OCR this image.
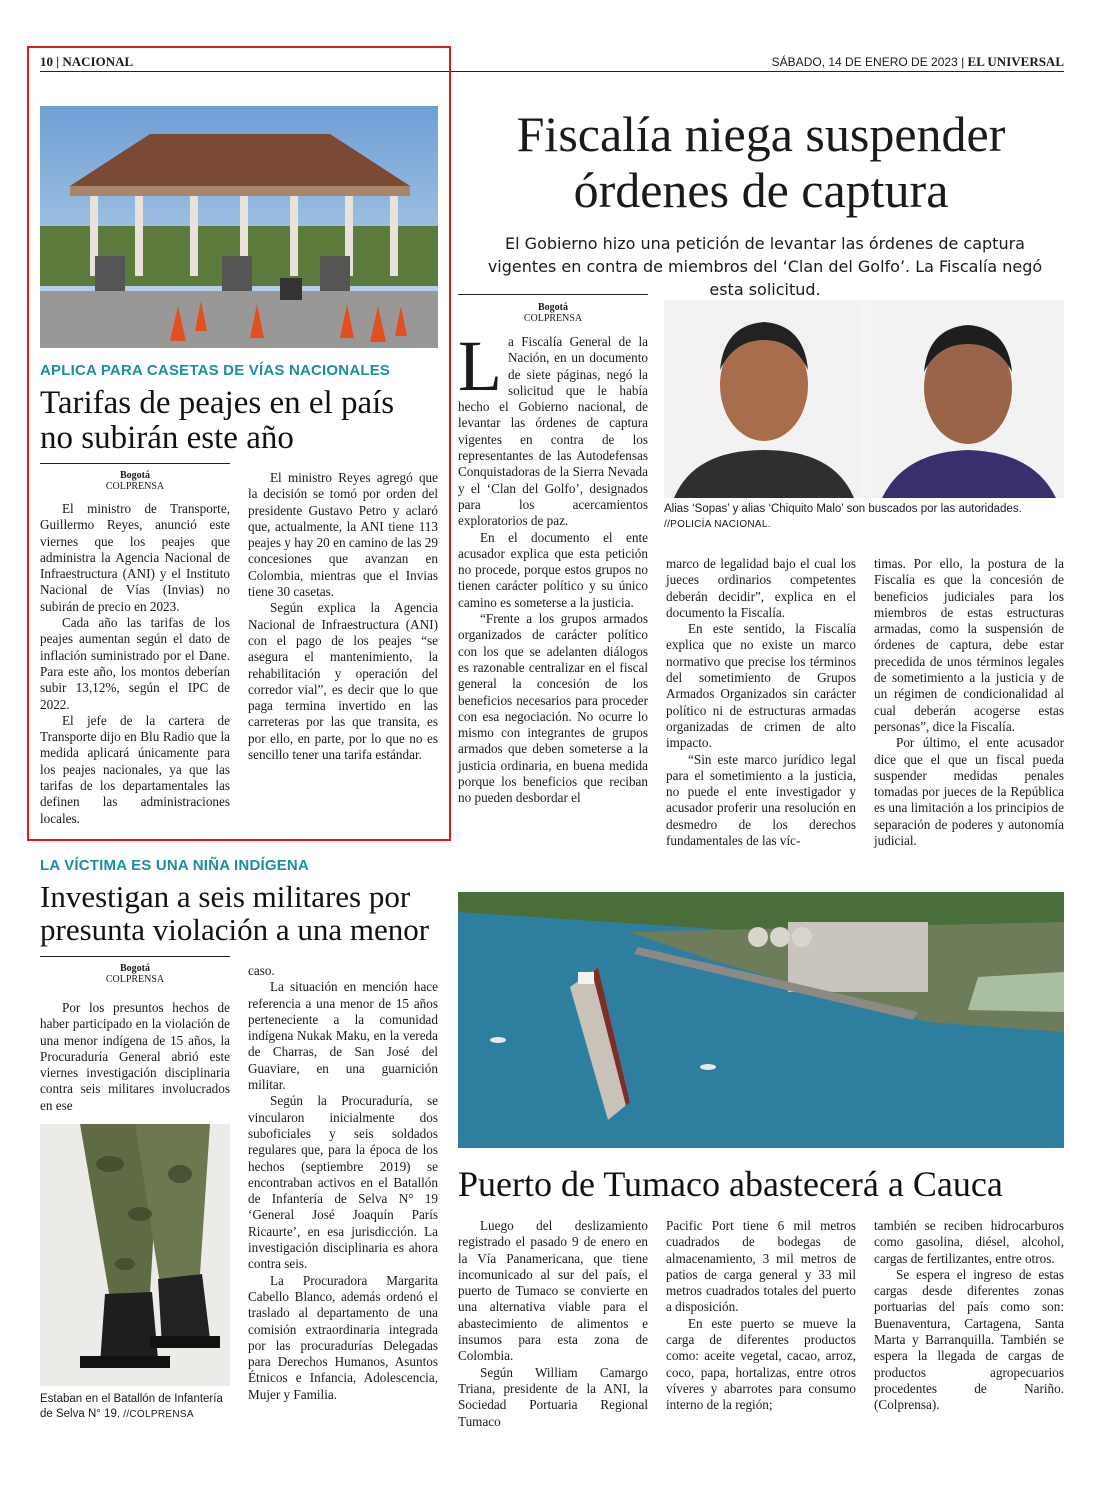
10 | NACIONAL	SÁBADO, 14 DE ENERO DE 2023 | EL UNIVERSAL
APLICA PARA CASETAS DE VÍAS NACIONALES
Tarifas de peajes en el país no subirán este año
Bogotá
COLPRENSA

El ministro de Transporte, Guillermo Reyes, anunció este viernes que los peajes que administra la Agencia Nacional de Infraestructura (ANI) y el Instituto Nacional de Vías (Invias) no subirán de precio en 2023.

Cada año las tarifas de los peajes aumentan según el dato de inflación suministrado por el Dane. Para este año, los montos deberían subir 13,12%, según el IPC de 2022.

El jefe de la cartera de Transporte dijo en Blu Radio que la medida aplicará únicamente para los peajes nacionales, ya que las tarifas de los departamentales las definen las administraciones locales.

El ministro Reyes agregó que la decisión se tomó por orden del presidente Gustavo Petro y aclaró que, actualmente, la ANI tiene 113 peajes y hay 20 en camino de las 29 concesiones que avanzan en Colombia, mientras que el Invias tiene 30 casetas.

Según explica la Agencia Nacional de Infraestructura (ANI) con el pago de los peajes “se asegura el mantenimiento, la rehabilitación y operación del corredor vial”, es decir que lo que paga termina invertido en las carreteras por las que transita, es por ello, en parte, por lo que no es sencillo tener una tarifa estándar.

Fiscalía niega suspender
órdenes de captura
El Gobierno hizo una petición de levantar las órdenes de captura vigentes en contra de miembros del ‘Clan del Golfo’. La Fiscalía negó esta solicitud.
Bogotá
COLPRENSA
Alias ‘Sopas’ y alias ‘Chiquito Malo’ son buscados por las autoridades. //POLICÍA NACIONAL.
L a Fiscalía General de la Nación, en un documento de siete páginas, negó la solicitud que le había hecho el Gobierno nacional, de levantar las órdenes de captura vigentes en contra de los representantes de las Autodefensas Conquistadoras de la Sierra Nevada y el ‘Clan del Golfo’, designados para los acercamientos exploratorios de paz.

En el documento el ente acusador explica que esta petición no procede, porque estos grupos no tienen carácter político y su único camino es someterse a la justicia.

“Frente a los grupos armados organizados de carácter político con los que se adelanten diálogos es razonable centralizar en el fiscal general la concesión de los beneficios necesarios para proceder con esa negociación. No ocurre lo mismo con integrantes de grupos armados que deben someterse a la justicia ordinaria, en buena medida porque los beneficios que reciban no pueden desbordar el

marco de legalidad bajo el cual los jueces ordinarios competentes deberán decidir”, explica en el documento la Fiscalía.

En este sentido, la Fiscalía explica que no existe un marco normativo que precise los términos del sometimiento de Grupos Armados Organizados sin carácter político ni de estructuras armadas organizadas de crimen de alto impacto.

“Sin este marco jurídico legal para el sometimiento a la justicia, no puede el ente investigador y acusador proferir una resolución en desmedro de los derechos fundamentales de las víc-

timas. Por ello, la postura de la Fiscalía es que la concesión de beneficios judiciales para los miembros de estas estructuras armadas, como la suspensión de órdenes de captura, debe estar precedida de unos términos legales de sometimiento a la justicia y de un régimen de condicionalidad al cual deberán acogerse estas personas”, dice la Fiscalía.

Por último, el ente acusador dice que el que un fiscal pueda suspender medidas penales tomadas por jueces de la República es una limitación a los principios de separación de poderes y autonomía judicial.

LA VÍCTIMA ES UNA NIÑA INDÍGENA
Investigan a seis militares por presunta violación a una menor
Bogotá
COLPRENSA

Por los presuntos hechos de haber participado en la violación de una menor indígena de 15 años, la Procuraduría General abrió este viernes investigación disciplinaria contra seis militares involucrados en ese

Estaban en el Batallón de Infantería de Selva N° 19. //COLPRENSA

caso.

La situación en mención hace referencia a una menor de 15 años perteneciente a la comunidad indígena Nukak Maku, en la vereda de Charras, de San José del Guaviare, en una guarnición militar.

Según la Procuraduría, se vincularon inicialmente dos suboficiales y seis soldados regulares que, para la época de los hechos (septiembre 2019) se encontraban activos en el Batallón de Infantería de Selva N° 19 ‘General José Joaquín París Ricaurte’, en esa jurisdicción. La investigación disciplinaria es ahora contra seis.

La Procuradora Margarita Cabello Blanco, además ordenó el traslado al departamento de una comisión extraordinaria integrada por las procuradurías Delegadas para Derechos Humanos, Asuntos Étnicos e Infancia, Adolescencia, Mujer y Familia.

Puerto de Tumaco abastecerá a Cauca

Luego del deslizamiento registrado el pasado 9 de enero en la Vía Panamericana, que tiene incomunicado al sur del país, el puerto de Tumaco se convierte en una alternativa viable para el abastecimiento de alimentos e insumos para esta zona de Colombia.

Según William Camargo Triana, presidente de la ANI, la Sociedad Portuaria Regional Tumaco

Pacific Port tiene 6 mil metros cuadrados de bodegas de almacenamiento, 3 mil metros de patios de carga general y 33 mil metros cuadrados totales del puerto a disposición.

En este puerto se mueve la carga de diferentes productos como: aceite vegetal, cacao, arroz, coco, papa, hortalizas, entre otros víveres y abarrotes para consumo interno de la región;

también se reciben hidrocarburos como gasolina, diésel, alcohol, cargas de fertilizantes, entre otros.

Se espera el ingreso de estas cargas desde diferentes zonas portuarias del país como son: Buenaventura, Cartagena, Santa Marta y Barranquilla. También se espera la llegada de cargas de productos agropecuarios procedentes de Nariño. (Colprensa).
